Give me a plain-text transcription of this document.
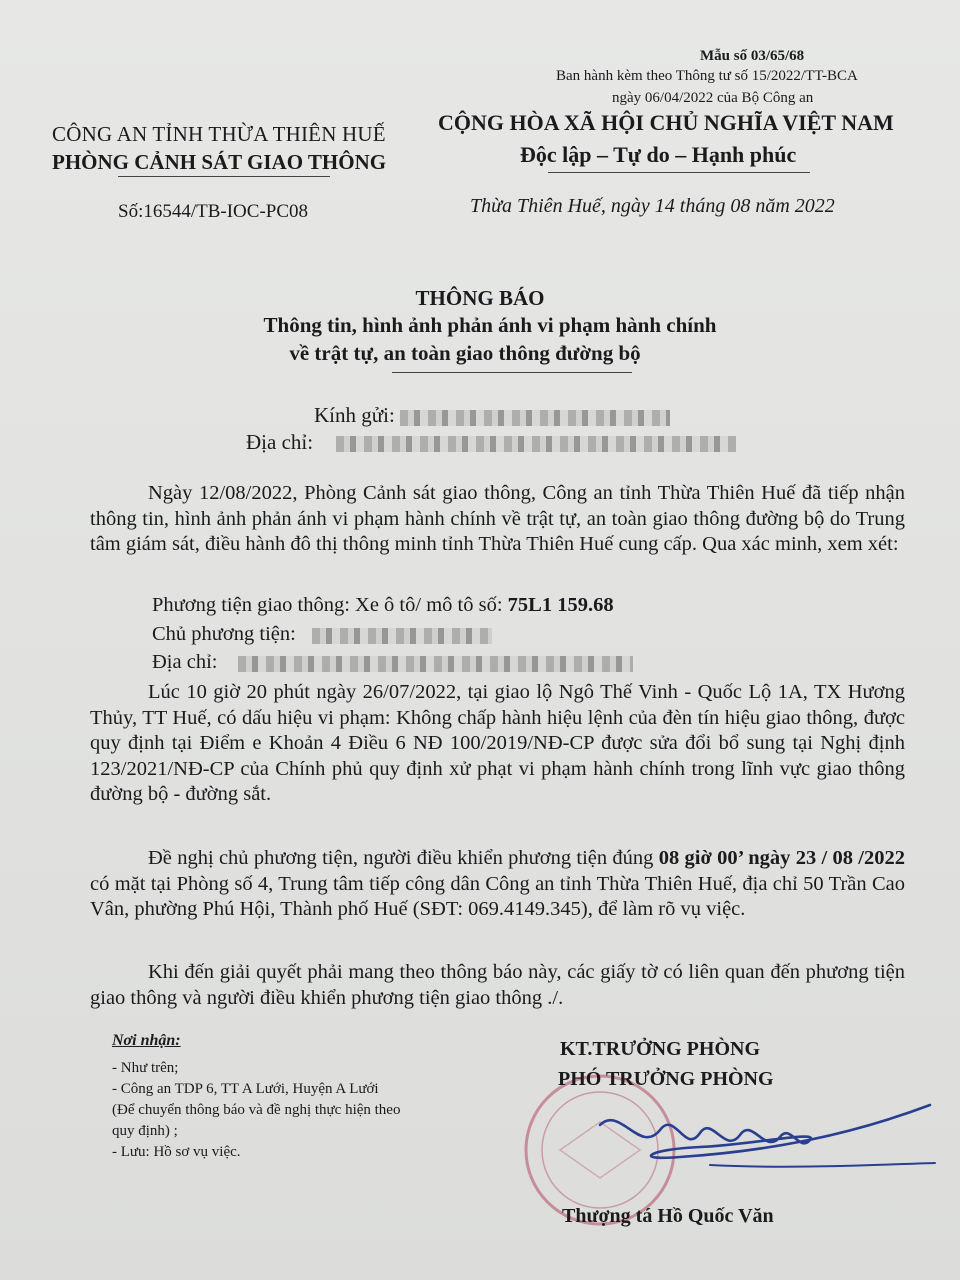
Mẫu số 03/65/68
Ban hành kèm theo Thông tư số 15/2022/TT-BCA
ngày 06/04/2022 của Bộ Công an
CÔNG AN TỈNH THỪA THIÊN HUẾ
PHÒNG CẢNH SÁT GIAO THÔNG
CỘNG HÒA XÃ HỘI CHỦ NGHĨA VIỆT NAM
Độc lập – Tự do – Hạnh phúc
Số:16544/TB-IOC-PC08	Thừa Thiên Huế, ngày 14 tháng 08 năm 2022
THÔNG BÁO
Thông tin, hình ảnh phản ánh vi phạm hành chính
về trật tự, an toàn giao thông đường bộ
Kính gửi:
Địa chỉ:
Ngày 12/08/2022, Phòng Cảnh sát giao thông, Công an tỉnh Thừa Thiên Huế đã tiếp nhận thông tin, hình ảnh phản ánh vi phạm hành chính về trật tự, an toàn giao thông đường bộ do Trung tâm giám sát, điều hành đô thị thông minh tỉnh Thừa Thiên Huế cung cấp. Qua xác minh, xem xét:
Phương tiện giao thông: Xe ô tô/ mô tô số: 75L1 159.68
Chủ phương tiện:
Địa chỉ:
Lúc 10 giờ 20 phút ngày 26/07/2022, tại giao lộ Ngô Thế Vinh - Quốc Lộ 1A, TX Hương Thủy, TT Huế, có dấu hiệu vi phạm: Không chấp hành hiệu lệnh của đèn tín hiệu giao thông, được quy định tại Điểm e Khoản 4 Điều 6 NĐ 100/2019/NĐ-CP được sửa đổi bổ sung tại Nghị định 123/2021/NĐ-CP của Chính phủ quy định xử phạt vi phạm hành chính trong lĩnh vực giao thông đường bộ - đường sắt.
Đề nghị chủ phương tiện, người điều khiển phương tiện đúng 08 giờ 00’ ngày 23 / 08 /2022 có mặt tại Phòng số 4, Trung tâm tiếp công dân Công an tỉnh Thừa Thiên Huế, địa chỉ 50 Trần Cao Vân, phường Phú Hội, Thành phố Huế (SĐT: 069.4149.345), để làm rõ vụ việc.
Khi đến giải quyết phải mang theo thông báo này, các giấy tờ có liên quan đến phương tiện giao thông và người điều khiển phương tiện giao thông ./.
Nơi nhận:
- Như trên;
- Công an TDP 6, TT A Lưới, Huyện A Lưới
(Để chuyển thông báo và đề nghị thực hiện theo
quy định) ;
- Lưu: Hồ sơ vụ việc.
KT.TRƯỞNG PHÒNG
PHÓ TRƯỞNG PHÒNG
Thượng tá Hồ Quốc Văn
